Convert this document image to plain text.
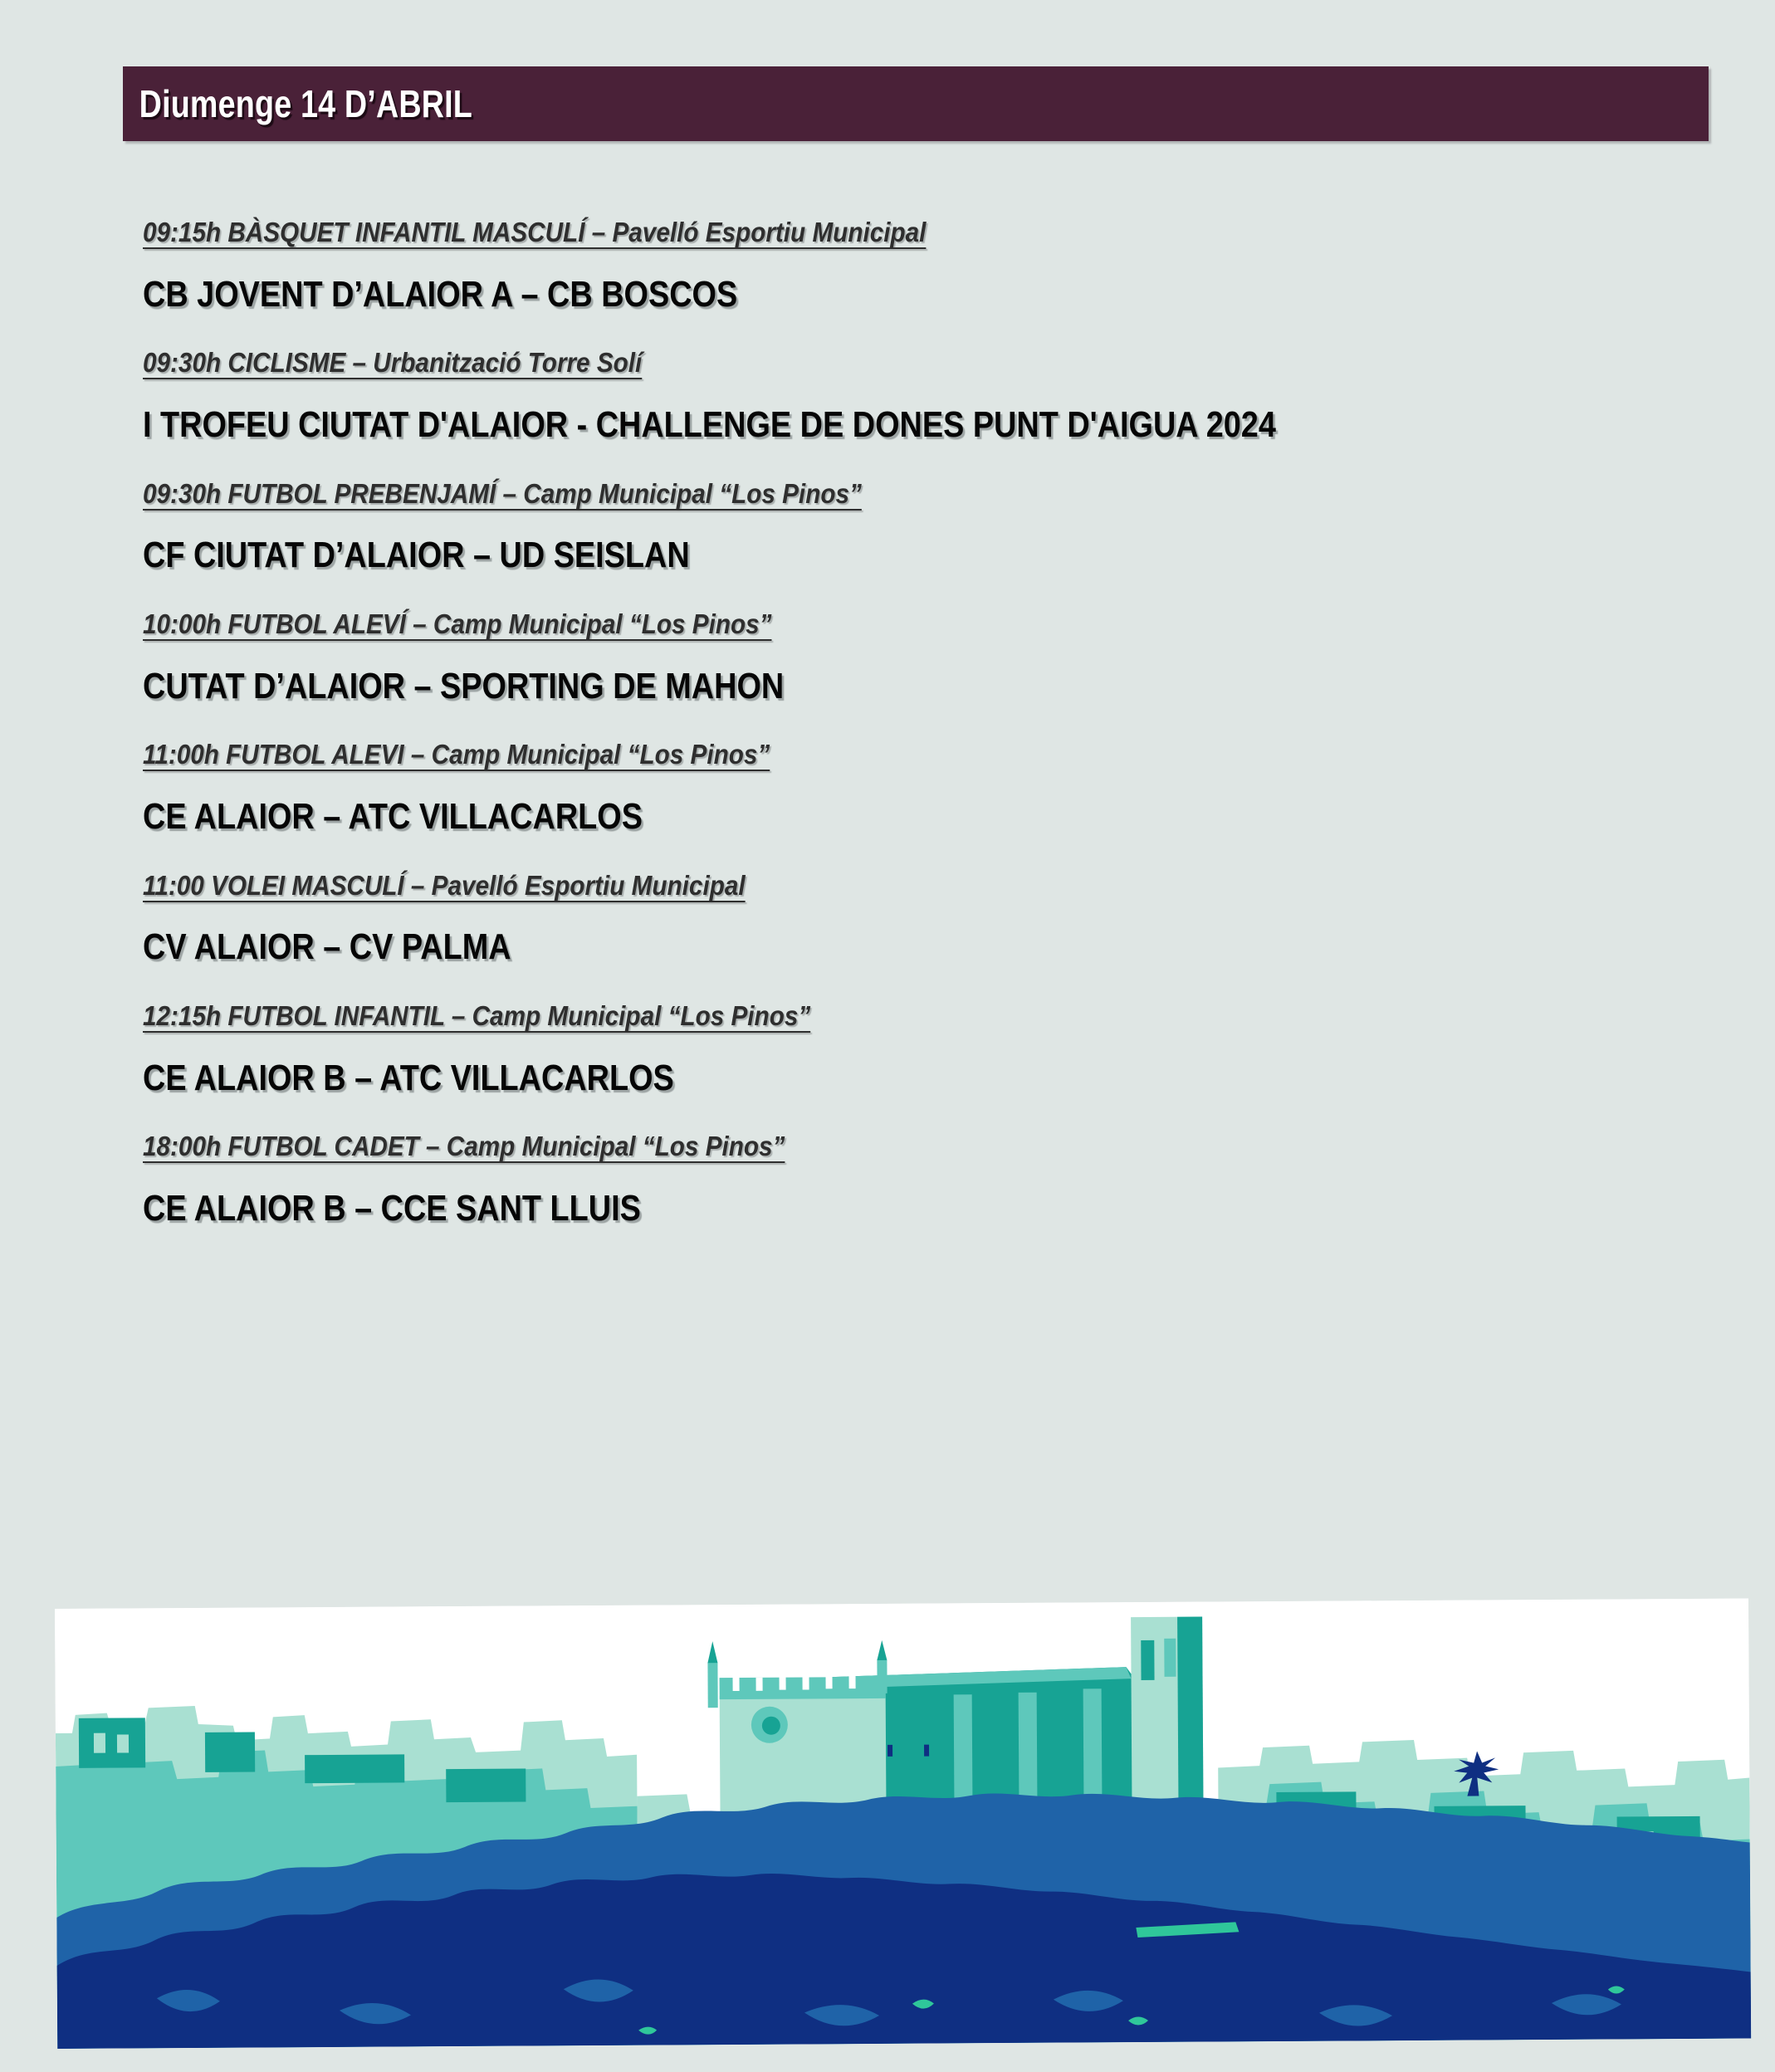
Diumenge 14 D’ABRIL
09:15h BÀSQUET INFANTIL MASCULÍ – Pavelló Esportiu Municipal
CB JOVENT D’ALAIOR A – CB BOSCOS
09:30h CICLISME – Urbanització Torre Solí
I TROFEU CIUTAT D'ALAIOR - CHALLENGE DE DONES PUNT D'AIGUA 2024
09:30h FUTBOL PREBENJAMÍ – Camp Municipal “Los Pinos”
CF CIUTAT D’ALAIOR – UD SEISLAN
10:00h FUTBOL ALEVÍ – Camp Municipal “Los Pinos”
CUTAT D’ALAIOR – SPORTING DE MAHON
11:00h FUTBOL ALEVI – Camp Municipal “Los Pinos”
CE ALAIOR – ATC VILLACARLOS
11:00 VOLEI MASCULÍ – Pavelló Esportiu Municipal
CV ALAIOR – CV PALMA
12:15h FUTBOL INFANTIL – Camp Municipal “Los Pinos”
CE ALAIOR B – ATC VILLACARLOS
18:00h FUTBOL CADET – Camp Municipal “Los Pinos”
CE ALAIOR B – CCE SANT LLUIS
